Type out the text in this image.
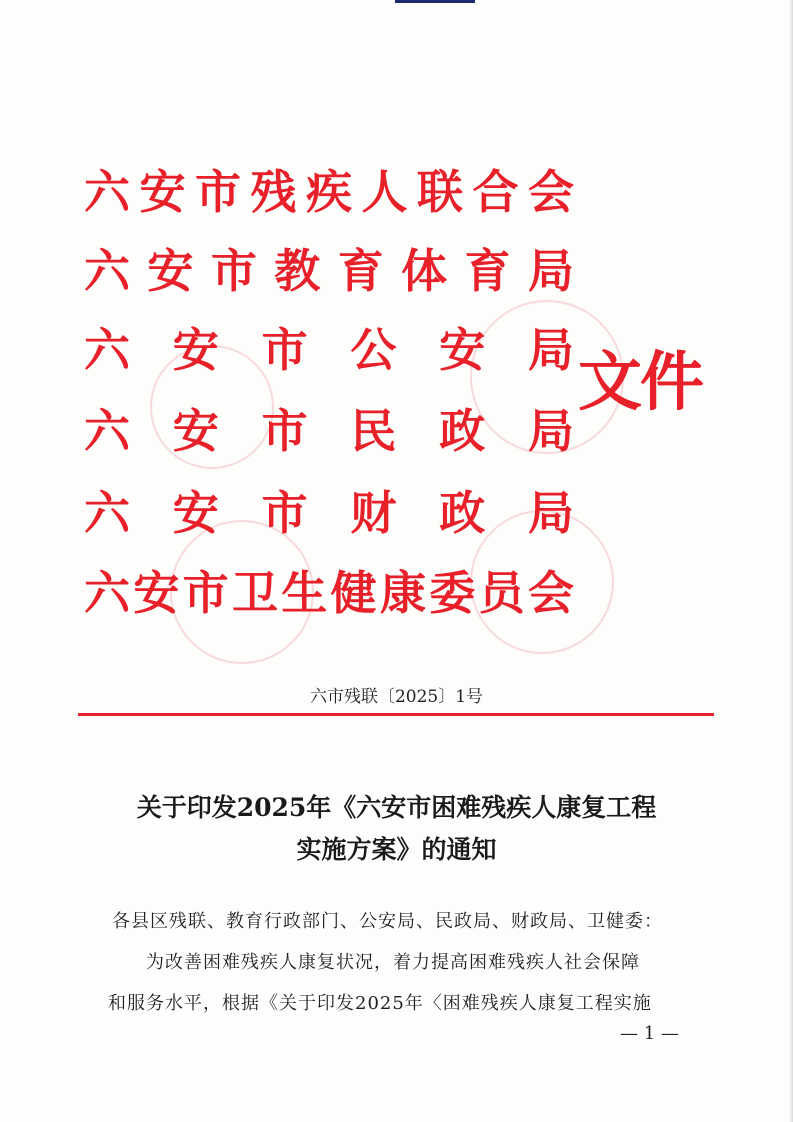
六 安 市 残 疾 人 联 合 会
六 安 市 教 育 体 育 局
六 安 市 公 安 局
六 安 市 民 政 局
六 安 市 财 政 局
六 安 市 卫 生 健 康 委 员 会
文件
六市残联〔2025〕1号
关于印发2025年《六安市困难残疾人康复工程
实施方案》的通知
各县区残联、教育行政部门、公安局、民政局、财政局、卫健委：
为改善困难残疾人康复状况，着力提高困难残疾人社会保障
和服务水平，根据《关于印发2025年〈困难残疾人康复工程实施
— 1 —
